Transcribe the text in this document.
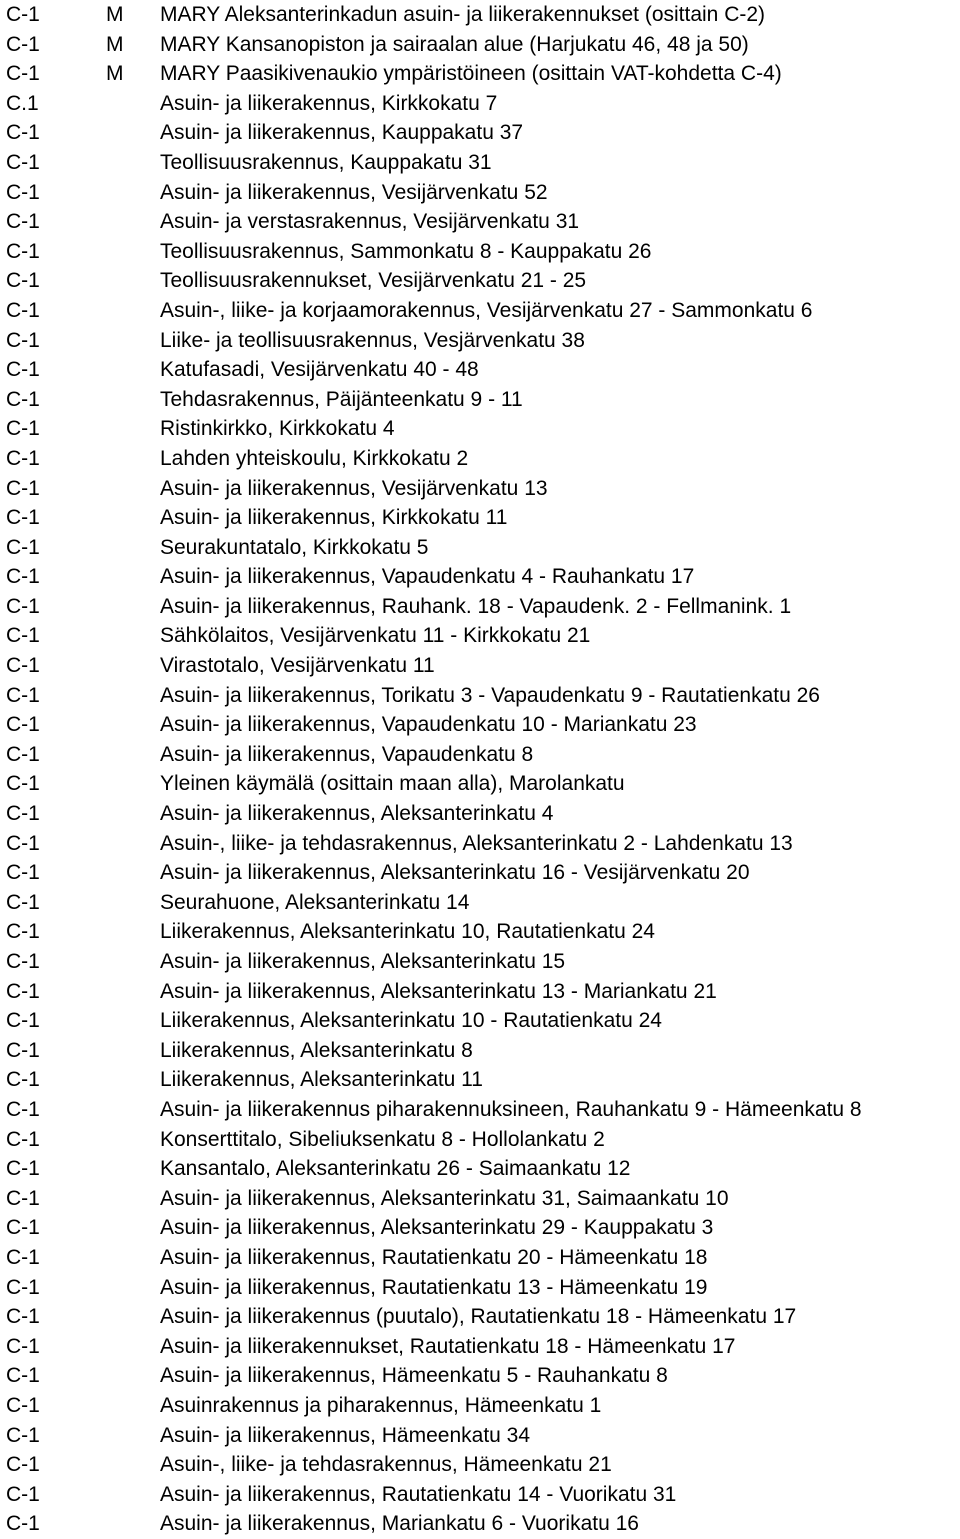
C-1	M MARY Aleksanterinkadun asuin- ja liikerakennukset (osittain C-2)
C-1	M MARY Kansanopiston ja sairaalan alue (Harjukatu 46, 48 ja 50)
C-1	M MARY Paasikivenaukio ympäristöineen (osittain VAT-kohdetta C-4)
C.1	Asuin- ja liikerakennus, Kirkkokatu 7
C-1	Asuin- ja liikerakennus, Kauppakatu 37
C-1	Teollisuusrakennus, Kauppakatu 31
C-1	Asuin- ja liikerakennus, Vesijärvenkatu 52
C-1	Asuin- ja verstasrakennus, Vesijärvenkatu 31
C-1	Teollisuusrakennus, Sammonkatu 8 - Kauppakatu 26
C-1	Teollisuusrakennukset, Vesijärvenkatu 21 - 25
C-1	Asuin-, liike- ja korjaamorakennus, Vesijärvenkatu 27 - Sammonkatu 6
C-1	Liike- ja teollisuusrakennus, Vesjärvenkatu 38
C-1	Katufasadi, Vesijärvenkatu 40 - 48
C-1	Tehdasrakennus, Päijänteenkatu 9 - 11
C-1	Ristinkirkko, Kirkkokatu 4
C-1	Lahden yhteiskoulu, Kirkkokatu 2
C-1	Asuin- ja liikerakennus, Vesijärvenkatu 13
C-1	Asuin- ja liikerakennus, Kirkkokatu 11
C-1	Seurakuntatalo, Kirkkokatu 5
C-1	Asuin- ja liikerakennus, Vapaudenkatu 4 - Rauhankatu 17
C-1	Asuin- ja liikerakennus, Rauhank. 18 - Vapaudenk. 2 - Fellmanink. 1
C-1	Sähkölaitos, Vesijärvenkatu 11 - Kirkkokatu 21
C-1	Virastotalo, Vesijärvenkatu 11
C-1	Asuin- ja liikerakennus, Torikatu 3 - Vapaudenkatu 9 - Rautatienkatu 26
C-1	Asuin- ja liikerakennus, Vapaudenkatu 10 - Mariankatu 23
C-1	Asuin- ja liikerakennus, Vapaudenkatu 8
C-1	Yleinen käymälä (osittain maan alla), Marolankatu
C-1	Asuin- ja liikerakennus, Aleksanterinkatu 4
C-1	Asuin-, liike- ja tehdasrakennus, Aleksanterinkatu 2 - Lahdenkatu 13
C-1	Asuin- ja liikerakennus, Aleksanterinkatu 16 - Vesijärvenkatu 20
C-1	Seurahuone, Aleksanterinkatu 14
C-1	Liikerakennus, Aleksanterinkatu 10, Rautatienkatu 24
C-1	Asuin- ja liikerakennus, Aleksanterinkatu 15
C-1	Asuin- ja liikerakennus, Aleksanterinkatu 13 - Mariankatu 21
C-1	Liikerakennus, Aleksanterinkatu 10 - Rautatienkatu 24
C-1	Liikerakennus, Aleksanterinkatu 8
C-1	Liikerakennus, Aleksanterinkatu 11
C-1	Asuin- ja liikerakennus piharakennuksineen, Rauhankatu 9 - Hämeenkatu 8
C-1	Konserttitalo, Sibeliuksenkatu 8 - Hollolankatu 2
C-1	Kansantalo, Aleksanterinkatu 26 - Saimaankatu 12
C-1	Asuin- ja liikerakennus, Aleksanterinkatu 31, Saimaankatu 10
C-1	Asuin- ja liikerakennus, Aleksanterinkatu 29 - Kauppakatu 3
C-1	Asuin- ja liikerakennus, Rautatienkatu 20 - Hämeenkatu 18
C-1	Asuin- ja liikerakennus, Rautatienkatu 13 - Hämeenkatu 19
C-1	Asuin- ja liikerakennus (puutalo), Rautatienkatu 18 - Hämeenkatu 17
C-1	Asuin- ja liikerakennukset, Rautatienkatu 18 - Hämeenkatu 17
C-1	Asuin- ja liikerakennus, Hämeenkatu 5 - Rauhankatu 8
C-1	Asuinrakennus ja piharakennus, Hämeenkatu 1
C-1	Asuin- ja liikerakennus, Hämeenkatu 34
C-1	Asuin-, liike- ja tehdasrakennus, Hämeenkatu 21
C-1	Asuin- ja liikerakennus, Rautatienkatu 14 - Vuorikatu 31
C-1	Asuin- ja liikerakennus, Mariankatu 6 - Vuorikatu 16
